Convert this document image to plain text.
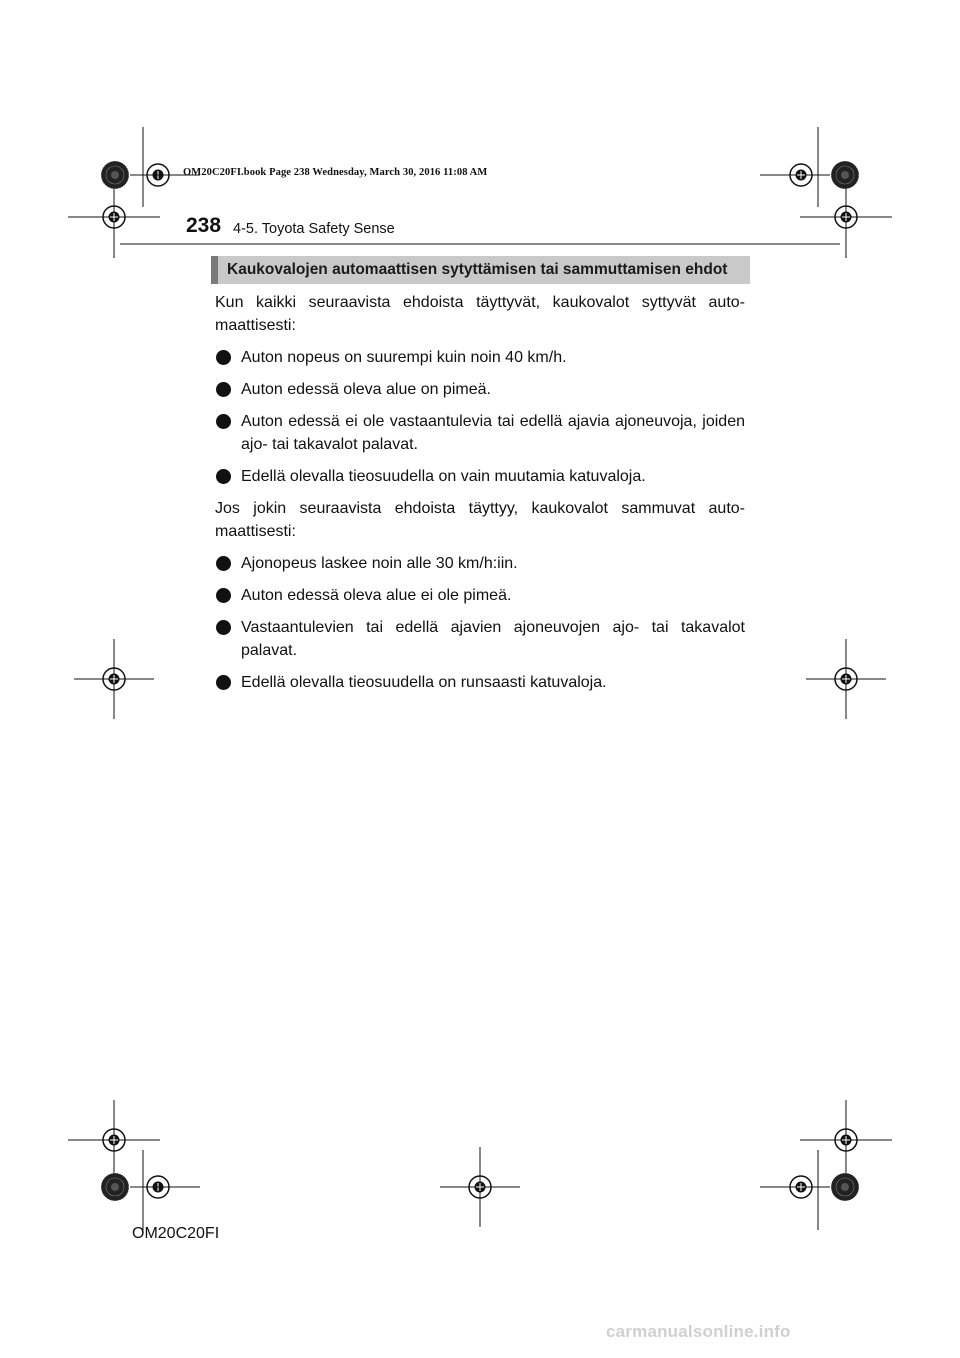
OM20C20FI.book Page 238 Wednesday, March 30, 2016 11:08 AM
238 4-5. Toyota Safety Sense
Kaukovalojen automaattisen sytyttämisen tai sammuttamisen ehdot

Kun kaikki seuraavista ehdoista täyttyvät, kaukovalot syttyvät auto-maattisesti:

Auton nopeus on suurempi kuin noin 40 km/h.
Auton edessä oleva alue on pimeä.
Auton edessä ei ole vastaantulevia tai edellä ajavia ajoneuvoja, joiden ajo- tai takavalot palavat.
Edellä olevalla tieosuudella on vain muutamia katuvaloja.

Jos jokin seuraavista ehdoista täyttyy, kaukovalot sammuvat auto-maattisesti:

Ajonopeus laskee noin alle 30 km/h:iin.
Auton edessä oleva alue ei ole pimeä.
Vastaantulevien tai edellä ajavien ajoneuvojen ajo- tai takavalot palavat.
Edellä olevalla tieosuudella on runsaasti katuvaloja.
OM20C20FI
carmanualsonline.info
